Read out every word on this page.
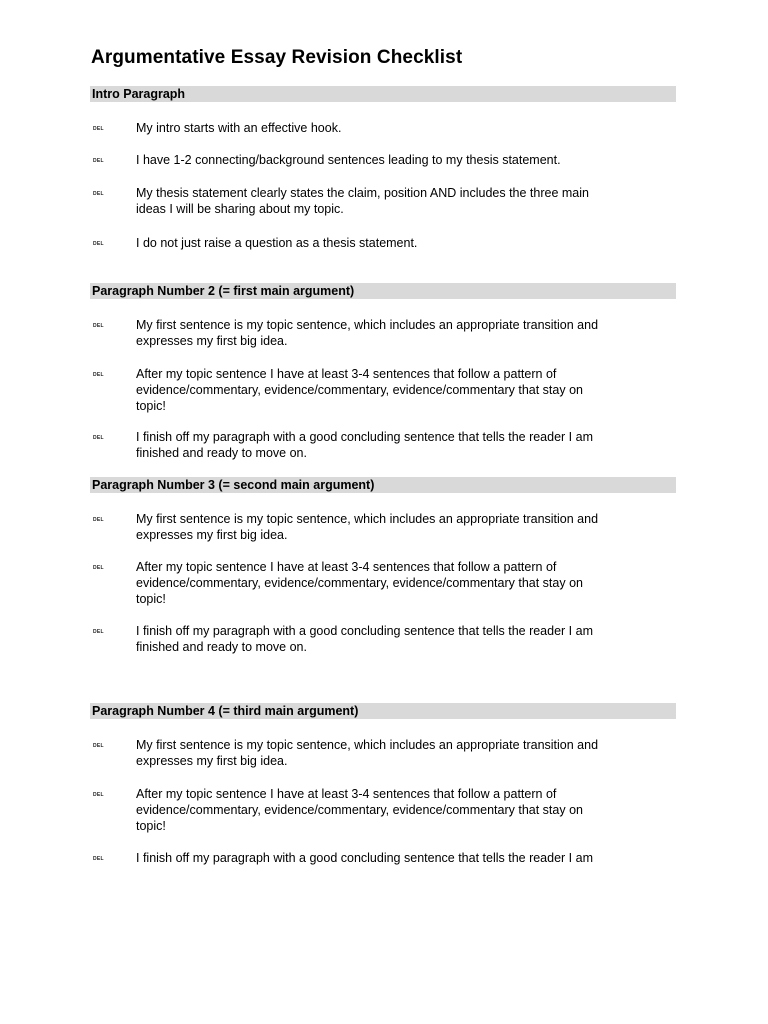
Argumentative Essay Revision Checklist
Intro Paragraph
DEL	My intro starts with an effective hook.
DEL	I have 1-2 connecting/background sentences leading to my thesis statement.
DEL	My thesis statement clearly states the claim, position AND includes the three main
ideas I will be sharing about my topic.
DEL	I do not just raise a question as a thesis statement.
Paragraph Number 2 (= first main argument)
DEL	My first sentence is my topic sentence, which includes an appropriate transition and
expresses my first big idea.
DEL	After my topic sentence I have at least 3-4 sentences that follow a pattern of
evidence/commentary, evidence/commentary, evidence/commentary that stay on
topic!
DEL	I finish off my paragraph with a good concluding sentence that tells the reader I am
finished and ready to move on.
Paragraph Number 3 (= second main argument)
DEL	My first sentence is my topic sentence, which includes an appropriate transition and
expresses my first big idea.
DEL	After my topic sentence I have at least 3-4 sentences that follow a pattern of
evidence/commentary, evidence/commentary, evidence/commentary that stay on
topic!
DEL	I finish off my paragraph with a good concluding sentence that tells the reader I am
finished and ready to move on.
Paragraph Number 4 (= third main argument)
DEL	My first sentence is my topic sentence, which includes an appropriate transition and
expresses my first big idea.
DEL	After my topic sentence I have at least 3-4 sentences that follow a pattern of
evidence/commentary, evidence/commentary, evidence/commentary that stay on
topic!
DEL	I finish off my paragraph with a good concluding sentence that tells the reader I am
